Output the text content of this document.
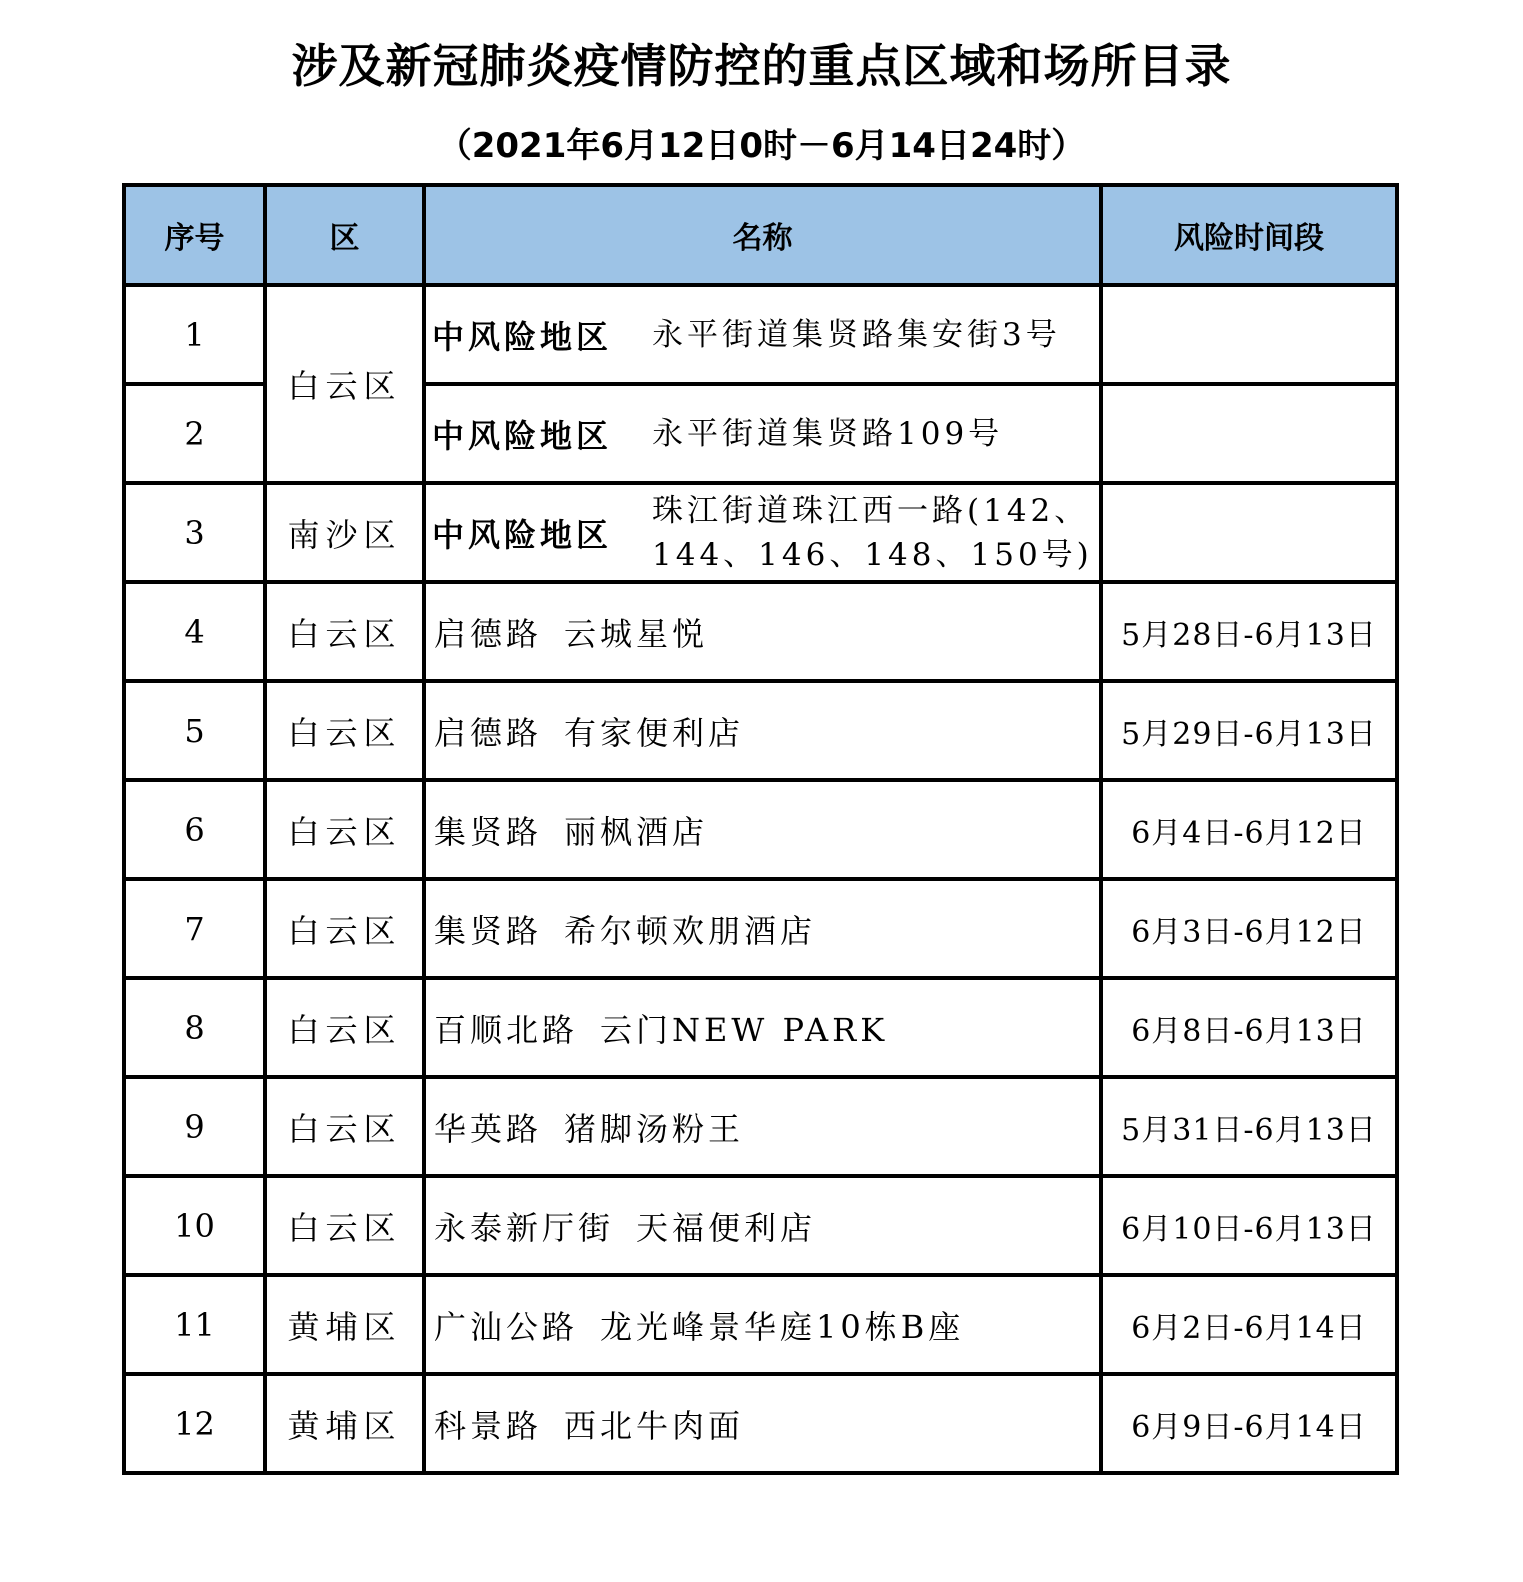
涉及新冠肺炎疫情防控的重点区域和场所目录
（2021年6月12日0时－6月14日24时）
序号	区	名称	风险时间段
1	白云区	中风险地区 永平街道集贤路集安街3号	

2		中风险地区 永平街道集贤路109号	

3	南沙区	中风险地区
珠江街道珠江西一路(142、144、146、148、150号)	

4	白云区	启德路 云城星悦	5月28日-6月13日
5	白云区	启德路 有家便利店	5月29日-6月13日
6	白云区	集贤路 丽枫酒店	6月4日-6月12日
7	白云区	集贤路 希尔顿欢朋酒店	6月3日-6月12日
8	白云区	百顺北路 云门NEW PARK	6月8日-6月13日
9	白云区	华英路 猪脚汤粉王	5月31日-6月13日
10	白云区	永泰新厅街 天福便利店	6月10日-6月13日
11	黄埔区	广汕公路 龙光峰景华庭10栋B座	6月2日-6月14日
12	黄埔区	科景路 西北牛肉面	6月9日-6月14日
